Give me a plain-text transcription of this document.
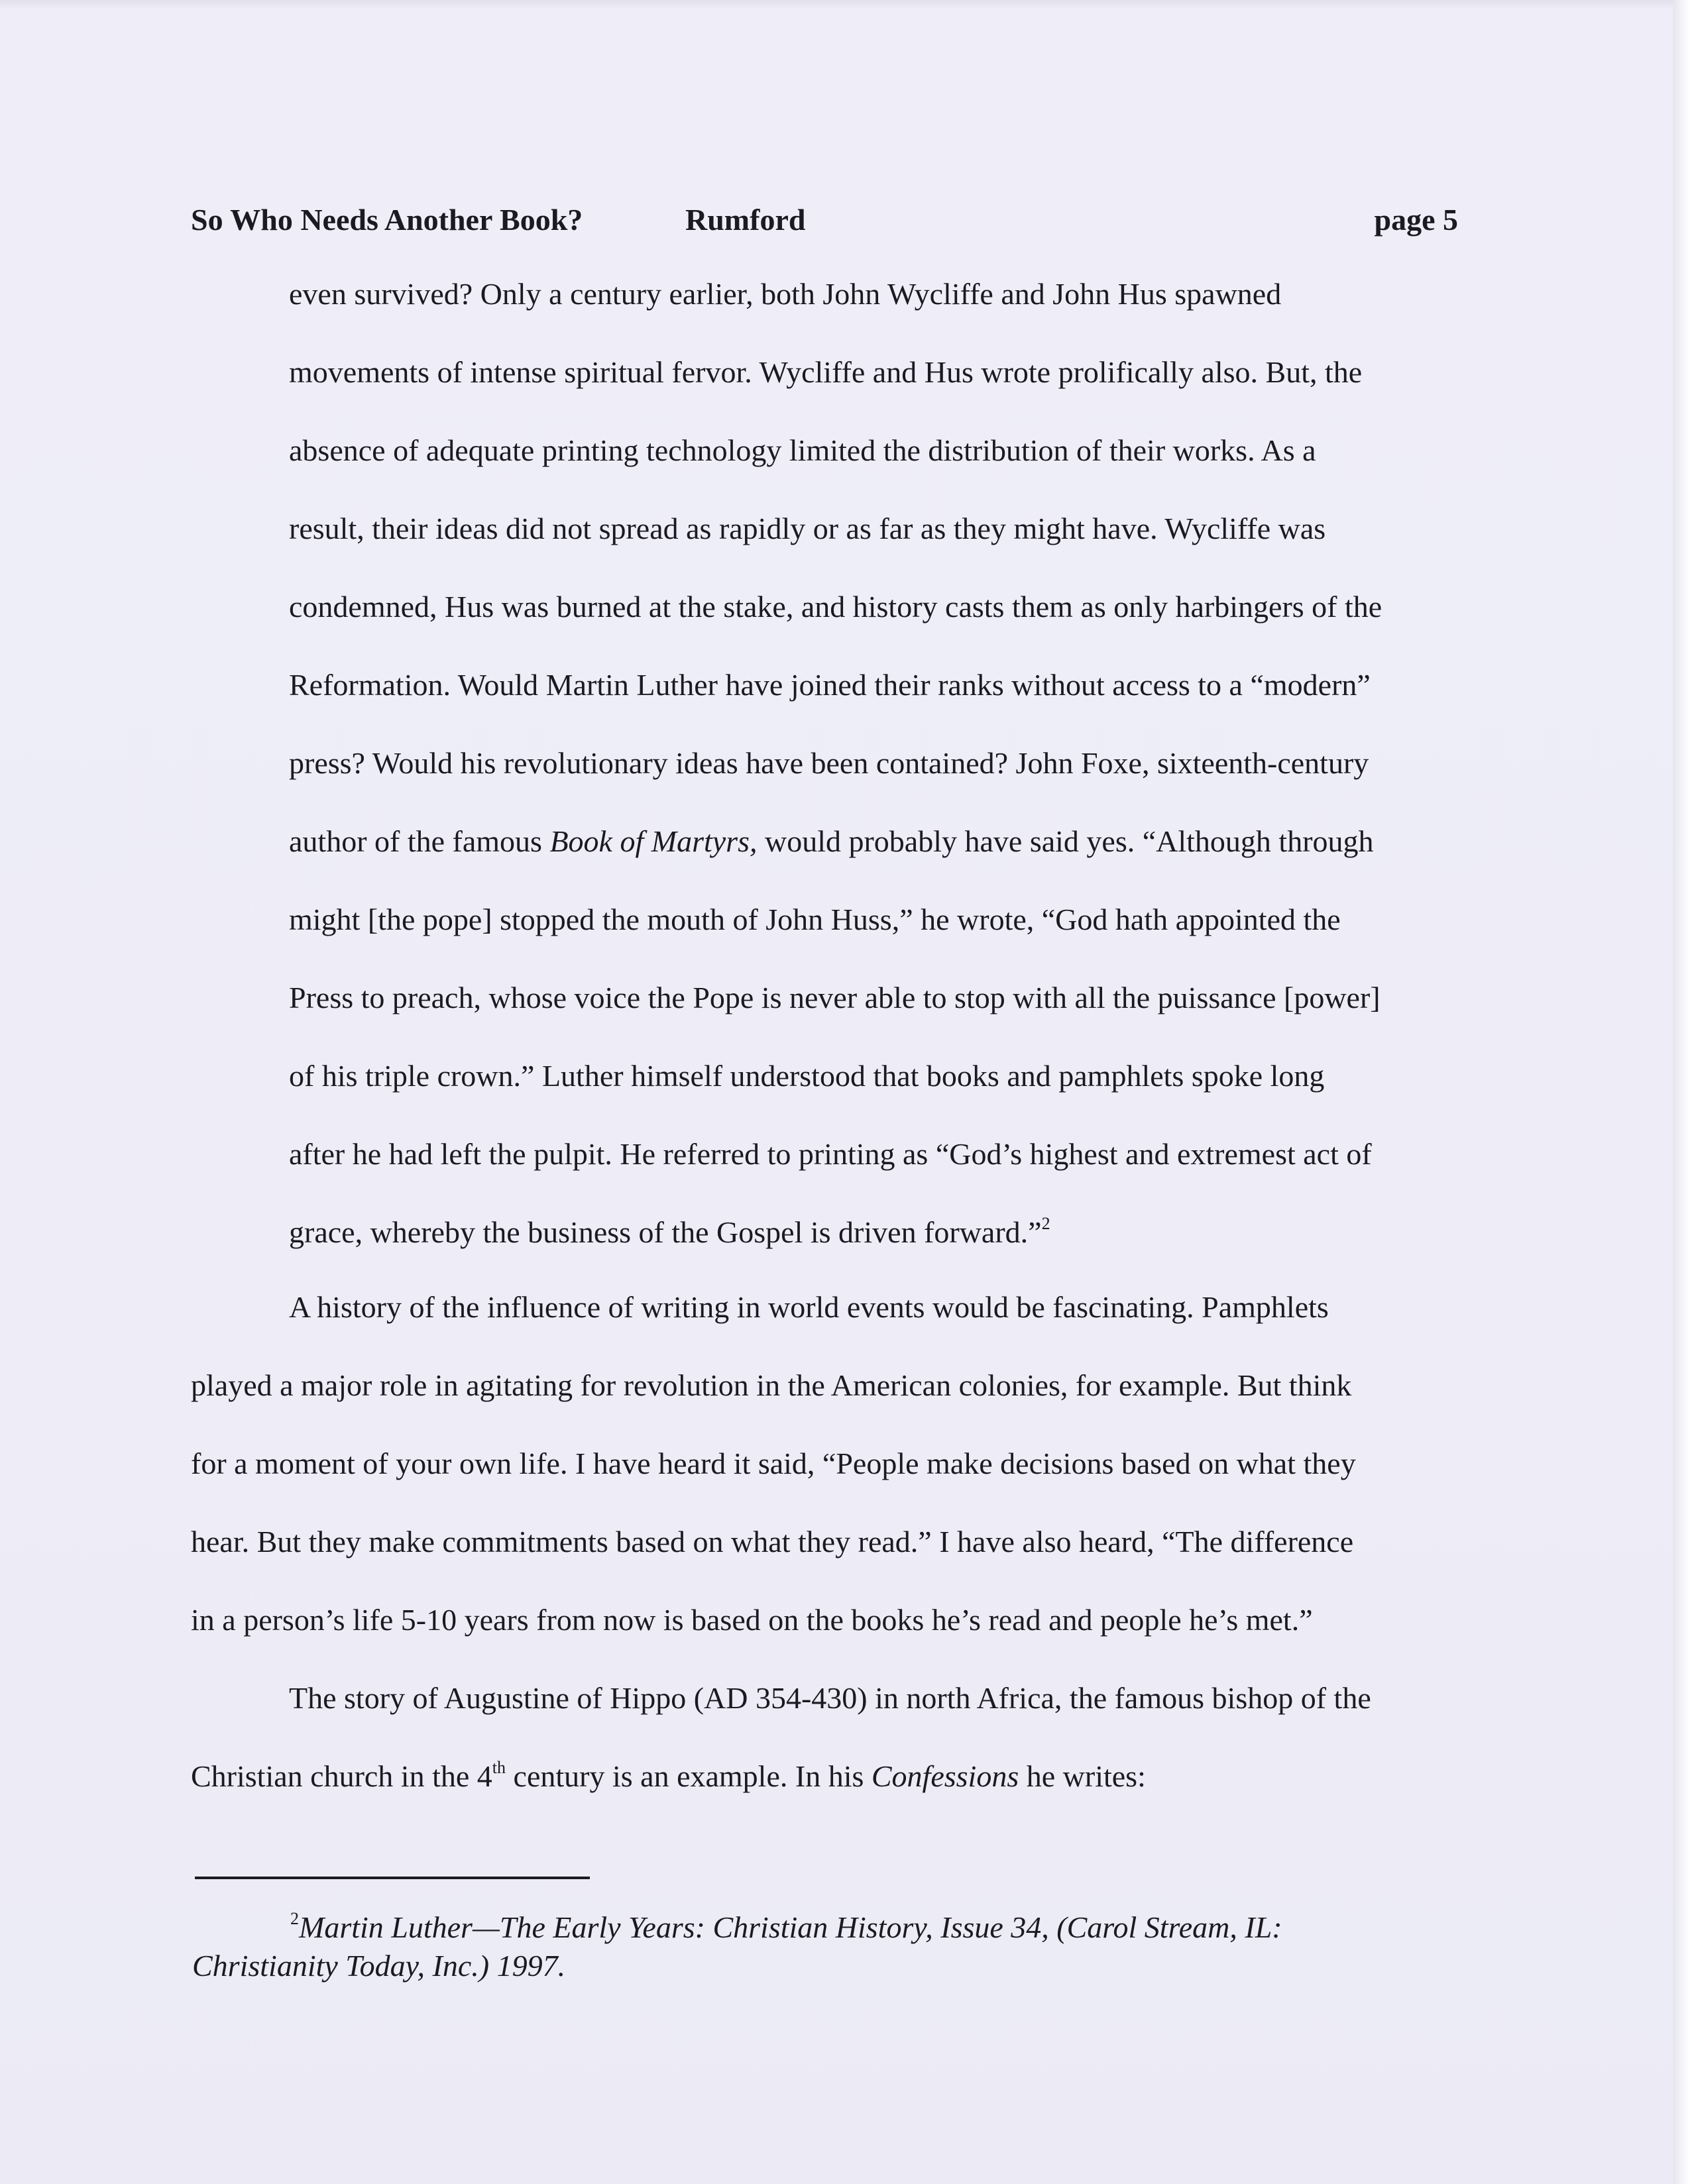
So Who Needs Another Book?	Rumford	page 5
even survived? Only a century earlier, both John Wycliffe and John Hus spawned
movements of intense spiritual fervor. Wycliffe and Hus wrote prolifically also. But, the
absence of adequate printing technology limited the distribution of their works. As a
result, their ideas did not spread as rapidly or as far as they might have. Wycliffe was
condemned, Hus was burned at the stake, and history casts them as only harbingers of the
Reformation. Would Martin Luther have joined their ranks without access to a “modern”
press? Would his revolutionary ideas have been contained? John Foxe, sixteenth-century
author of the famous Book of Martyrs, would probably have said yes. “Although through
might [the pope] stopped the mouth of John Huss,” he wrote, “God hath appointed the
Press to preach, whose voice the Pope is never able to stop with all the puissance [power]
of his triple crown.” Luther himself understood that books and pamphlets spoke long
after he had left the pulpit. He referred to printing as “God’s highest and extremest act of
grace, whereby the business of the Gospel is driven forward.”$^2$
A history of the influence of writing in world events would be fascinating. Pamphlets
played a major role in agitating for revolution in the American colonies, for example. But think
for a moment of your own life. I have heard it said, “People make decisions based on what they
hear. But they make commitments based on what they read.” I have also heard, “The difference
in a person’s life 5-10 years from now is based on the books he’s read and people he’s met.”
The story of Augustine of Hippo (AD 354-430) in north Africa, the famous bishop of the
Christian church in the 4th century is an example. In his Confessions he writes:
$^2$Martin Luther—The Early Years: Christian History, Issue 34, (Carol Stream, IL:
Christianity Today, Inc.) 1997.
